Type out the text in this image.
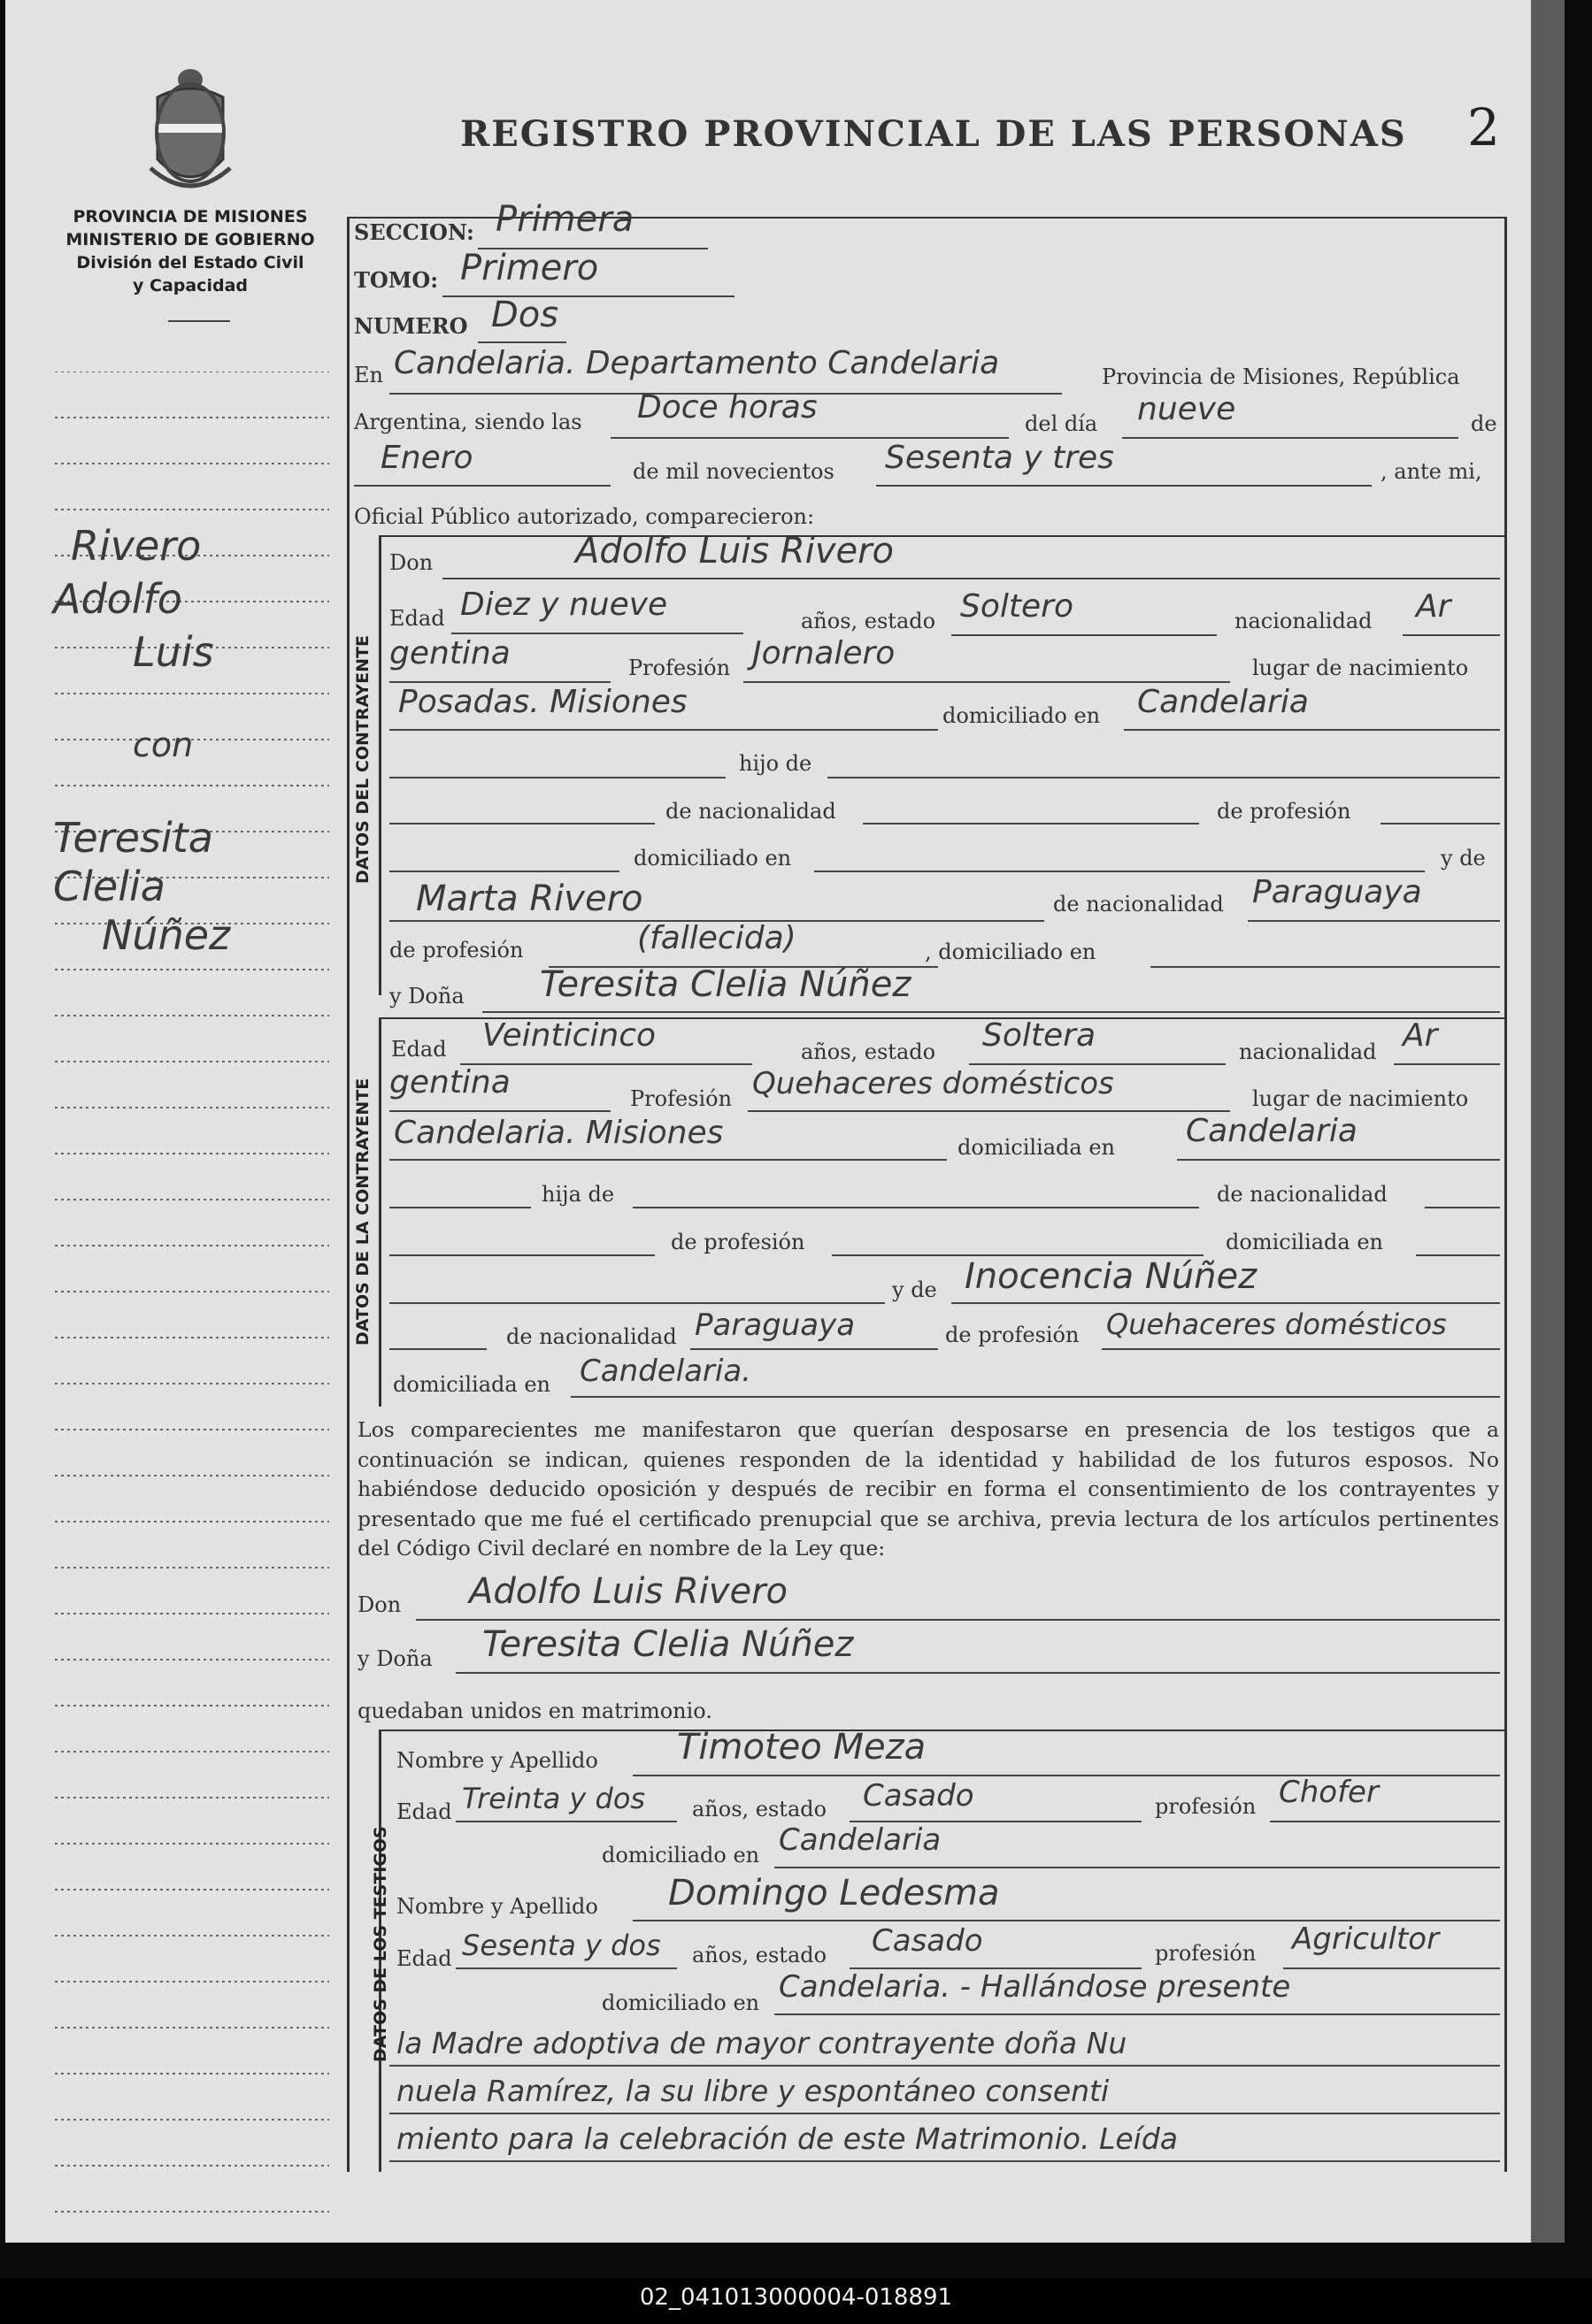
REGISTRO PROVINCIAL DE LAS PERSONAS 2
PROVINCIA DE MISIONES
MINISTERIO DE GOBIERNO
División del Estado Civil
y Capacidad
Rivero
Adolfo
Luis
con
Teresita
Clelia
Núñez
SECCION: Primera
TOMO: Primero
NUMERO Dos
En Candelaria. Departamento Candelaria	Provincia de Misiones, República
Argentina, siendo las Doce horas	del día nueve	de
Enero	de mil novecientos Sesenta y tres	, ante mi,
Oficial Público autorizado, comparecieron:
DATOS DEL CONTRAYENTE
Don	Adolfo Luis Rivero
Edad Diez y nueve	años, estado Soltero	nacionalidad Ar
gentina	Profesión Jornalero	lugar de nacimiento
Posadas. Misiones	domiciliado en Candelaria
hijo de
de nacionalidad	de profesión
domiciliado en	y de
Marta Rivero	de nacionalidad Paraguaya
de profesión	(fallecida)	, domiciliado en
y Doña Teresita Clelia Núñez
DATOS DE LA CONTRAYENTE
Edad Veinticinco	años, estado Soltera	nacionalidad Ar
gentina	Profesión Quehaceres domésticos	lugar de nacimiento
Candelaria. Misiones	domiciliada en Candelaria
hija de	de nacionalidad
de profesión	domiciliada en
y de Inocencia Núñez
de nacionalidad Paraguaya	de profesión Quehaceres domésticos
domiciliada en Candelaria.
Los comparecientes me manifestaron que querían desposarse en presencia de los testigos que a continuación se indican, quienes responden de la identidad y habilidad de los futuros esposos. No habiéndose deducido oposición y después de recibir en forma el consentimiento de los contrayentes y presentado que me fué el certificado prenupcial que se archiva, previa lectura de los artículos pertinentes del Código Civil declaré en nombre de la Ley que:
Don Adolfo Luis Rivero
y Doña Teresita Clelia Núñez
quedaban unidos en matrimonio.
DATOS DE LOS TESTIGOS
Nombre y Apellido Timoteo Meza
Edad Treinta y dos años, estado Casado	profesión Chofer
domiciliado en Candelaria
Nombre y Apellido Domingo Ledesma
Edad Sesenta y dos años, estado Casado	profesión Agricultor
domiciliado en Candelaria. - Hallándose presente
la Madre adoptiva de mayor contrayente doña Nu
nuela Ramírez, la su libre y espontáneo consenti
miento para la celebración de este Matrimonio. Leída
02_041013000004-018891
